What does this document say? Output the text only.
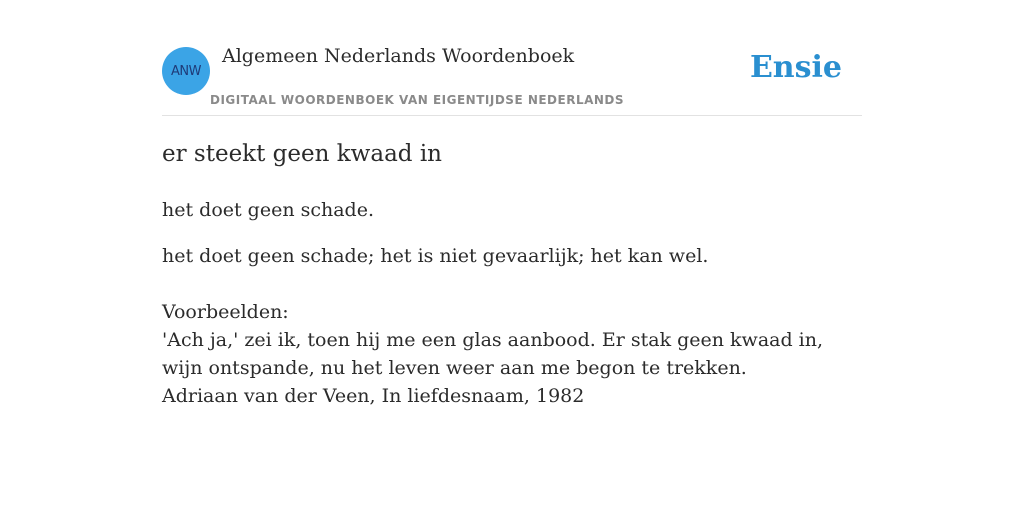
ANW
Algemeen Nederlands Woordenboek
DIGITAAL WOORDENBOEK VAN EIGENTIJDSE NEDERLANDS
Ensie
er steekt geen kwaad in

het doet geen schade.

het doet geen schade; het is niet gevaarlijk; het kan wel.

Voorbeelden:
'Ach ja,' zei ik, toen hij me een glas aanbood. Er stak geen kwaad in, wijn ontspande, nu het leven weer aan me begon te trekken.
Adriaan van der Veen, In liefdesnaam, 1982
